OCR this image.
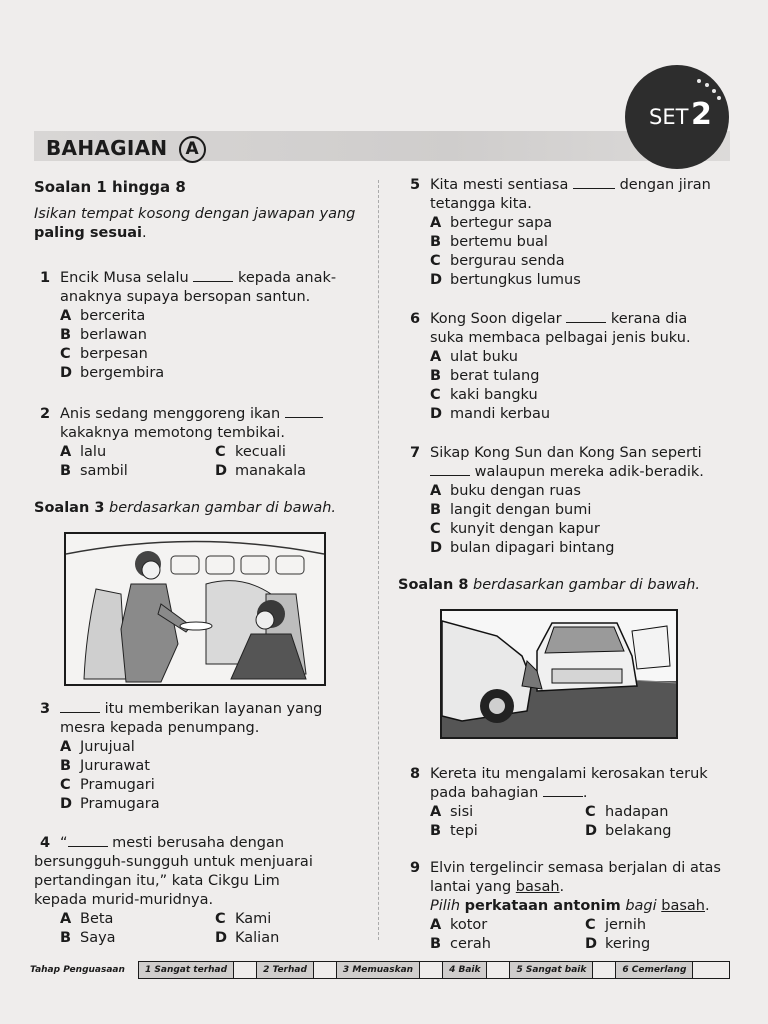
BAHAGIAN A
SET 2
Soalan 1 hingga 8
Isikan tempat kosong dengan jawapan yang
paling sesuai.
1 Encik Musa selalu	kepada anak-
anaknya supaya bersopan santun.
A bercerita
B berlawan
C berpesan
D bergembira
2 Anis sedang menggoreng ikan
kakaknya memotong tembikai.
A lalu	C kecuali
B sambil	D manakala
Soalan 3 berdasarkan gambar di bawah.
3	itu memberikan layanan yang
mesra kepada penumpang.
A Jurujual
B Jururawat
C Pramugari
D Pramugara
4 “	mesti berusaha dengan
bersungguh-sungguh untuk menjuarai
pertandingan itu,” kata Cikgu Lim
kepada murid-muridnya.
A Beta	C Kami
B Saya	D Kalian
5 Kita mesti sentiasa	dengan jiran
tetangga kita.
A bertegur sapa
B bertemu bual
C bergurau senda
D bertungkus lumus
6 Kong Soon digelar	kerana dia
suka membaca pelbagai jenis buku.
A ulat buku
B berat tulang
C kaki bangku
D mandi kerbau
7 Sikap Kong Sun dan Kong San seperti
walaupun mereka adik-beradik.
A buku dengan ruas
B langit dengan bumi
C kunyit dengan kapur
D bulan dipagari bintang
Soalan 8 berdasarkan gambar di bawah.
8 Kereta itu mengalami kerosakan teruk
pada bahagian	.
A sisi	C hadapan
B tepi	D belakang
9 Elvin tergelincir semasa berjalan di atas
lantai yang basah.
Pilih perkataan antonim bagi basah.
A kotor	C jernih
B cerah	D kering
Tahap Penguasaan	1 Sangat terhad	2 Terhad	3 Memuaskan	4 Baik	5 Sangat baik	6 Cemerlang
